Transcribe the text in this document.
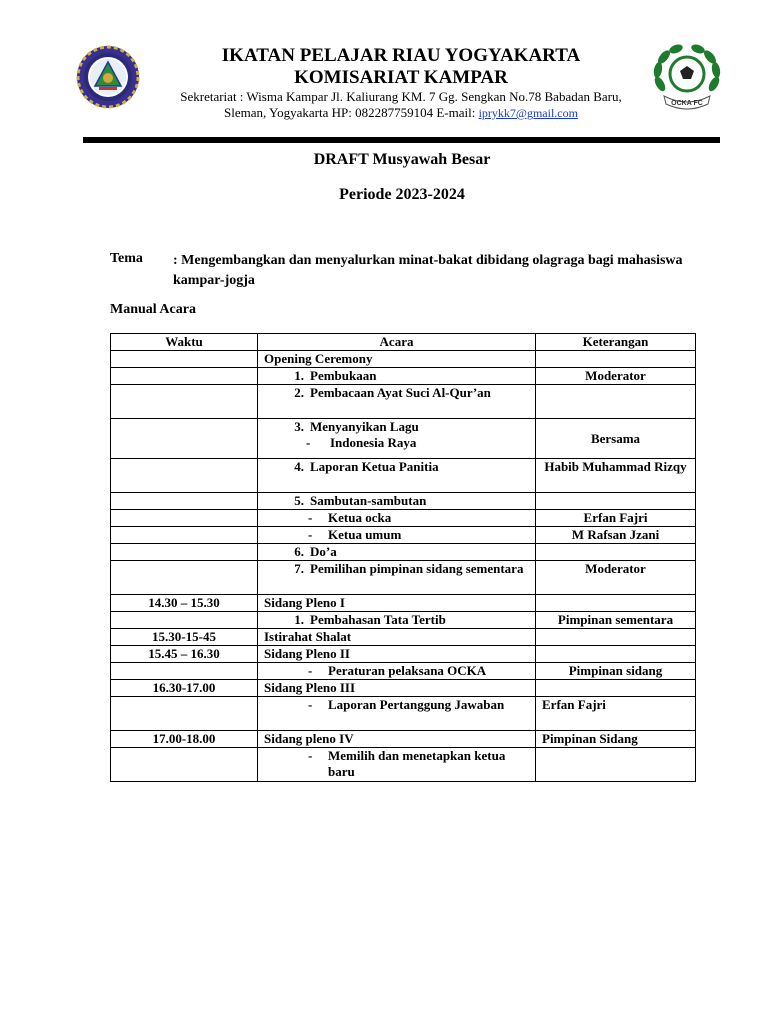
IKATAN PELAJAR RIAU YOGYAKARTA
KOMISARIAT KAMPAR
Sekretariat : Wisma Kampar Jl. Kaliurang KM. 7 Gg. Sengkan No.78 Babadan Baru,
Sleman, Yogyakarta HP: 082287759104 E-mail: iprykk7@gmail.com
OCKA FC
DRAFT Musyawah Besar
Periode 2023-2024
Tema : Mengembangkan dan menyalurkan minat-bakat dibidang olagraga bagi mahasiswa kampar-jogja
Manual Acara
Waktu	Acara	Keterangan
	Opening Ceremony	

	1. Pembukaan	Moderator

	2. Pembacaan Ayat Suci Al-Qur’an	

	3. Menyanyikan Lagu
- Indonesia Raya	Bersama

	4. Laporan Ketua Panitia	Habib Muhammad Rizqy

	5. Sambutan-sambutan	

	- Ketua ocka	Erfan Fajri

	- Ketua umum	M Rafsan Jzani

	6. Do’a	

	7. Pemilihan pimpinan sidang sementara	Moderator
14.30 – 15.30	Sidang Pleno I	

	1. Pembahasan Tata Tertib	Pimpinan sementara
15.30-15-45	Istirahat Shalat	
15.45 – 16.30	Sidang Pleno II	

	- Peraturan pelaksana OCKA	Pimpinan sidang
16.30-17.00	Sidang Pleno III	

	- Laporan Pertanggung Jawaban	Erfan Fajri
17.00-18.00	Sidang pleno IV	Pimpinan Sidang

	- Memilih dan menetapkan ketua baru	
